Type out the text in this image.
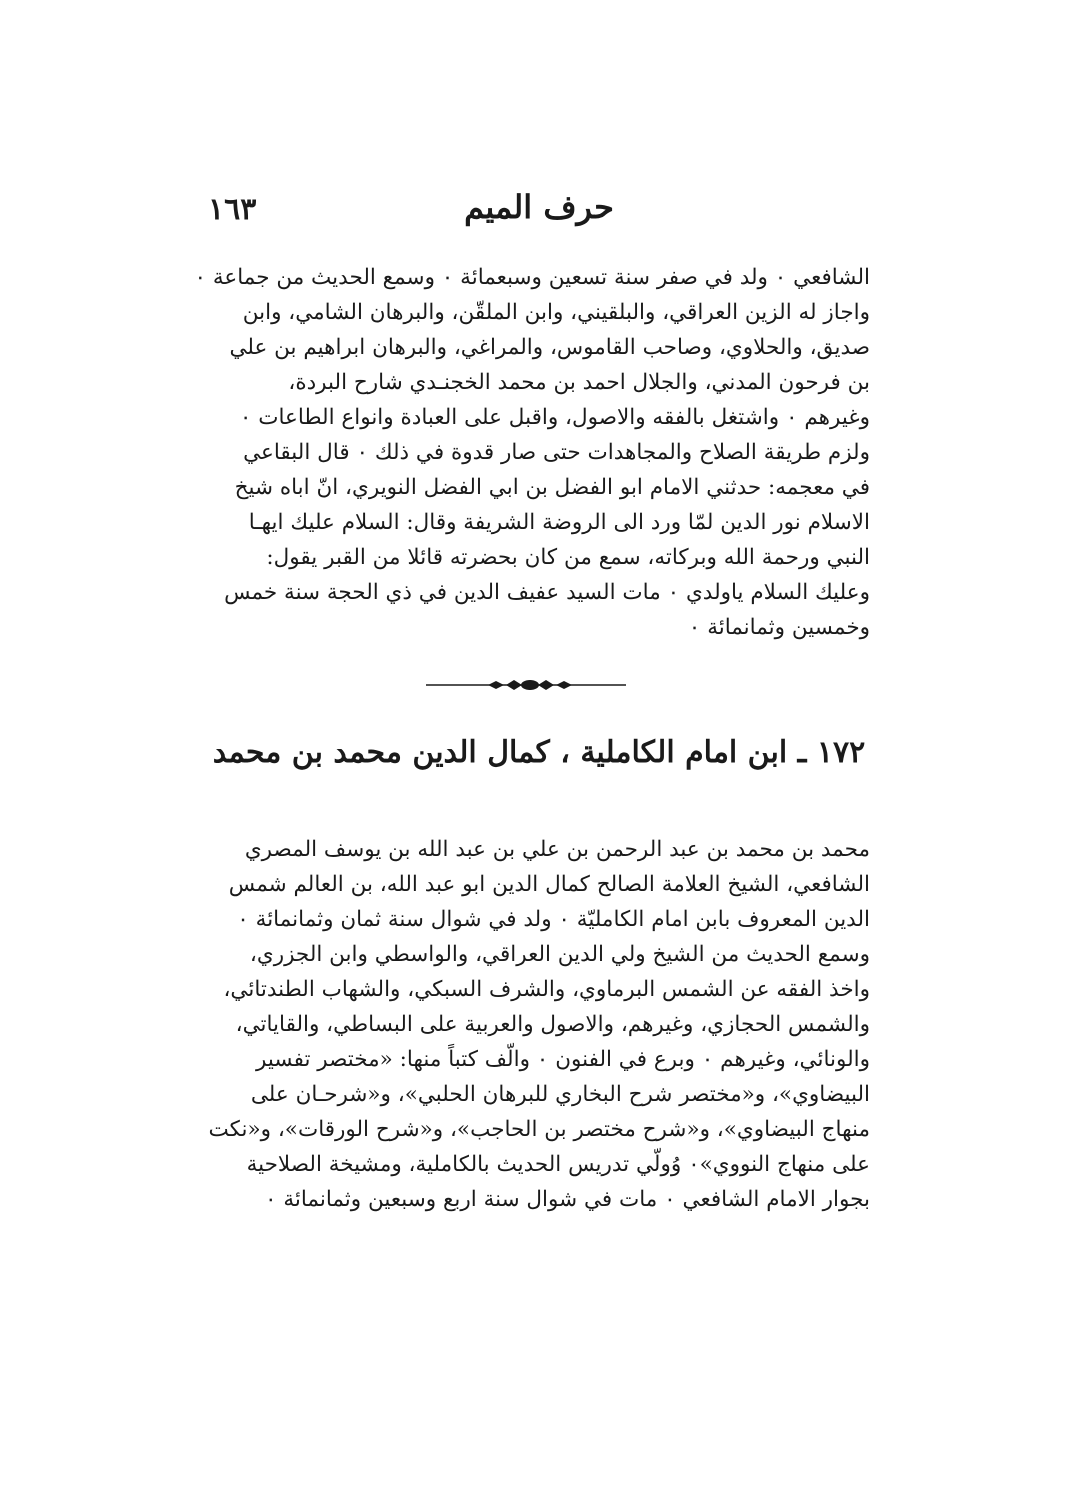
١٦٣	حرف الميم
الشافعي ٠ ولد في صفر سنة تسعين وسبعمائة ٠ وسمع الحديث من جماعة ٠
واجاز له الزين العراقي، والبلقيني، وابن الملقّن، والبرهان الشامي، وابن
صديق، والحلاوي، وصاحب القاموس، والمراغي، والبرهان ابراهيم بن علي
بن فرحون المدني، والجلال احمد بن محمد الخجنـدي شارح البردة،
وغيرهم ٠ واشتغل بالفقه والاصول، واقبل على العبادة وانواع الطاعات ٠
ولزم طريقة الصلاح والمجاهدات حتى صار قدوة في ذلك ٠ قال البقاعي
في معجمه: حدثني الامام ابو الفضل بن ابي الفضل النويري، انّ اباه شيخ
الاسلام نور الدين لمّا ورد الى الروضة الشريفة وقال: السلام عليك ايهـا
النبي ورحمة الله وبركاته، سمع من كان بحضرته قائلا من القبر يقول:
وعليك السلام ياولدي ٠ مات السيد عفيف الدين في ذي الحجة سنة خمس
وخمسين وثمانمائة ٠
١٧٢ ـ ابن امام الكاملية ، كمال الدين محمد بن محمد
محمد بن محمد بن عبد الرحمن بن علي بن عبد الله بن يوسف المصري
الشافعي، الشيخ العلامة الصالح كمال الدين ابو عبد الله، بن العالم شمس
الدين المعروف بابن امام الكامليّة ٠ ولد في شوال سنة ثمان وثمانمائة ٠
وسمع الحديث من الشيخ ولي الدين العراقي، والواسطي وابن الجزري،
واخذ الفقه عن الشمس البرماوي، والشرف السبكي، والشهاب الطندتائي،
والشمس الحجازي، وغيرهم، والاصول والعربية على البساطي، والقاياتي،
والونائي، وغيرهم ٠ وبرع في الفنون ٠ والّف كتباً منها: «مختصر تفسير
البيضاوي»، و«مختصر شرح البخاري للبرهان الحلبي»، و«شرحـان على
منهاج البيضاوي»، و«شرح مختصر بن الحاجب»، و«شرح الورقات»، و«نكت
على منهاج النووي»٠ وُولّي تدريس الحديث بالكاملية، ومشيخة الصلاحية
بجوار الامام الشافعي ٠ مات في شوال سنة اربع وسبعين وثمانمائة ٠
